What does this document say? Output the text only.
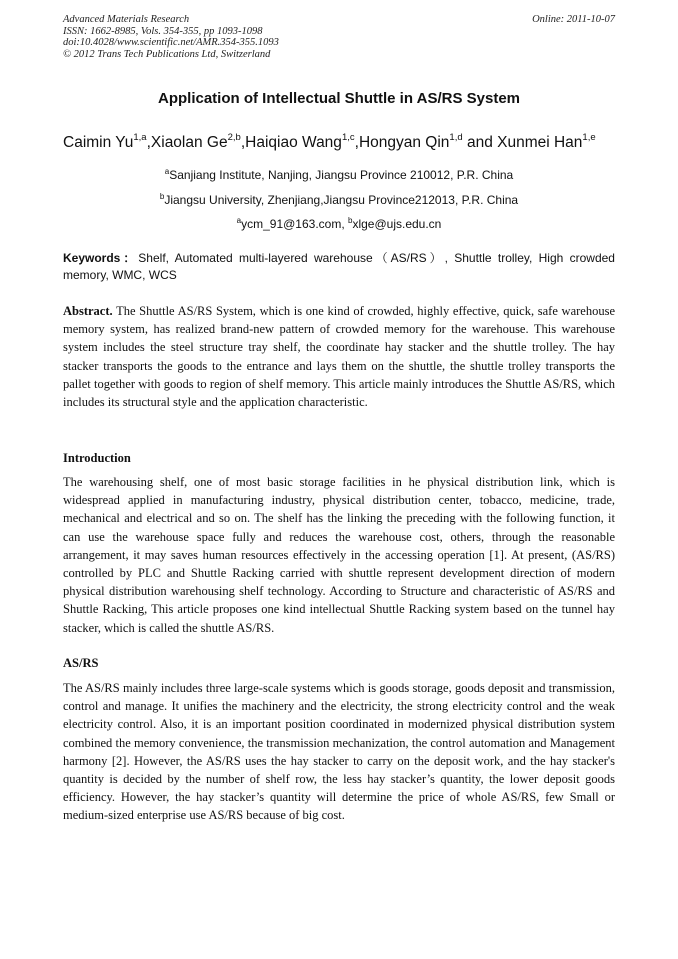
Advanced Materials Research
ISSN: 1662-8985, Vols. 354-355, pp 1093-1098
doi:10.4028/www.scientific.net/AMR.354-355.1093
© 2012 Trans Tech Publications Ltd, Switzerland
Online: 2011-10-07
Application of Intellectual Shuttle in AS/RS System
Caimin Yu$^{1,a}$,Xiaolan Ge$^{2,b}$,Haiqiao Wang$^{1,c}$,Hongyan Qin$^{1,d}$ and Xunmei Han$^{1,e}$
$^a$Sanjiang Institute, Nanjing, Jiangsu Province 210012, P.R. China
$^b$Jiangsu University, Zhenjiang,Jiangsu Province212013, P.R. China
$^a$ycm_91@163.com, $^b$xlge@ujs.edu.cn
Keywords：Shelf, Automated multi-layered warehouse（AS/RS）, Shuttle trolley, High crowded memory, WMC, WCS
Abstract. The Shuttle AS/RS System, which is one kind of crowded, highly effective, quick, safe warehouse memory system, has realized brand-new pattern of crowded memory for the warehouse. This warehouse system includes the steel structure tray shelf, the coordinate hay stacker and the shuttle trolley. The hay stacker transports the goods to the entrance and lays them on the shuttle, the shuttle trolley transports the pallet together with goods to region of shelf memory. This article mainly introduces the Shuttle AS/RS, which includes its structural style and the application characteristic.
Introduction
The warehousing shelf, one of most basic storage facilities in he physical distribution link, which is widespread applied in manufacturing industry, physical distribution center, tobacco, medicine, trade, mechanical and electrical and so on. The shelf has the linking the preceding with the following function, it can use the warehouse space fully and reduces the warehouse cost, others, through the reasonable arrangement, it may saves human resources effectively in the accessing operation [1]. At present, (AS/RS) controlled by PLC and Shuttle Racking carried with shuttle represent development direction of modern physical distribution warehousing shelf technology. According to Structure and characteristic of AS/RS and Shuttle Racking, This article proposes one kind intellectual Shuttle Racking system based on the tunnel hay stacker, which is called the shuttle AS/RS.
AS/RS
The AS/RS mainly includes three large-scale systems which is goods storage, goods deposit and transmission, control and manage. It unifies the machinery and the electricity, the strong electricity control and the weak electricity control. Also, it is an important position coordinated in modernized physical distribution system combined the memory convenience, the transmission mechanization, the control automation and Management harmony [2]. However, the AS/RS uses the hay stacker to carry on the deposit work, and the hay stacker's quantity is decided by the number of shelf row, the less hay stacker’s quantity, the lower deposit goods efficiency. However, the hay stacker’s quantity will determine the price of whole AS/RS, few Small or medium-sized enterprise use AS/RS because of big cost.
